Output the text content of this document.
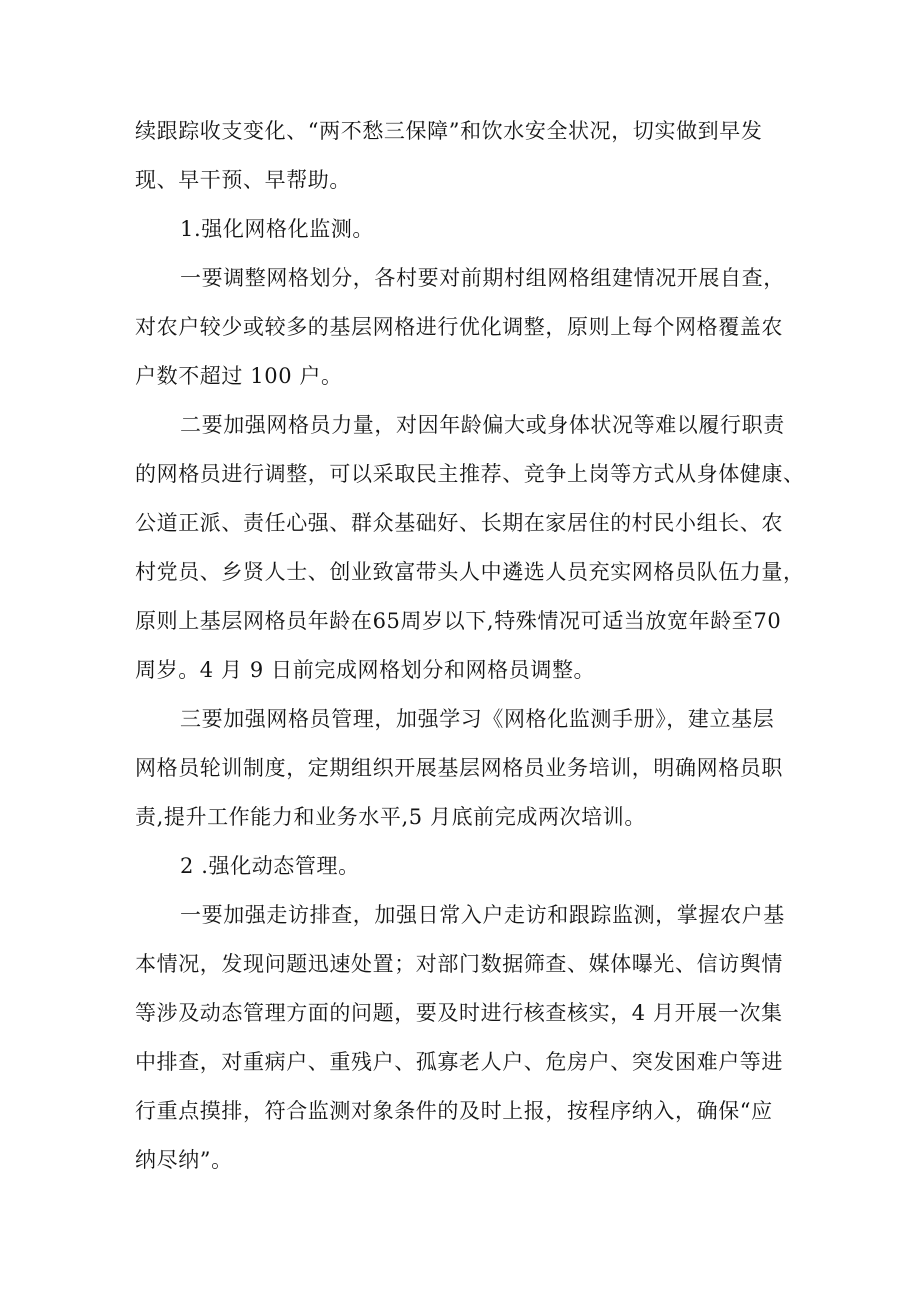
续跟踪收支变化、“两不愁三保障”和饮水安全状况，切实做到早发
现、早干预、早帮助。
1.强化网格化监测。
一要调整网格划分，各村要对前期村组网格组建情况开展自查，
对农户较少或较多的基层网格进行优化调整，原则上每个网格覆盖农
户数不超过 100 户。
二要加强网格员力量，对因年龄偏大或身体状况等难以履行职责
的网格员进行调整，可以采取民主推荐、竞争上岗等方式从身体健康、
公道正派、责任心强、群众基础好、长期在家居住的村民小组长、农
村党员、乡贤人士、创业致富带头人中遴选人员充实网格员队伍力量，
原则上基层网格员年龄在65周岁以下,特殊情况可适当放宽年龄至70
周岁。4 月 9 日前完成网格划分和网格员调整。
三要加强网格员管理，加强学习《网格化监测手册》，建立基层
网格员轮训制度，定期组织开展基层网格员业务培训，明确网格员职
责,提升工作能力和业务水平,5 月底前完成两次培训。
2 .强化动态管理。
一要加强走访排查，加强日常入户走访和跟踪监测，掌握农户基
本情况，发现问题迅速处置；对部门数据筛查、媒体曝光、信访舆情
等涉及动态管理方面的问题，要及时进行核查核实，4 月开展一次集
中排查，对重病户、重残户、孤寡老人户、危房户、突发困难户等进
行重点摸排，符合监测对象条件的及时上报，按程序纳入，确保“应
纳尽纳”。
